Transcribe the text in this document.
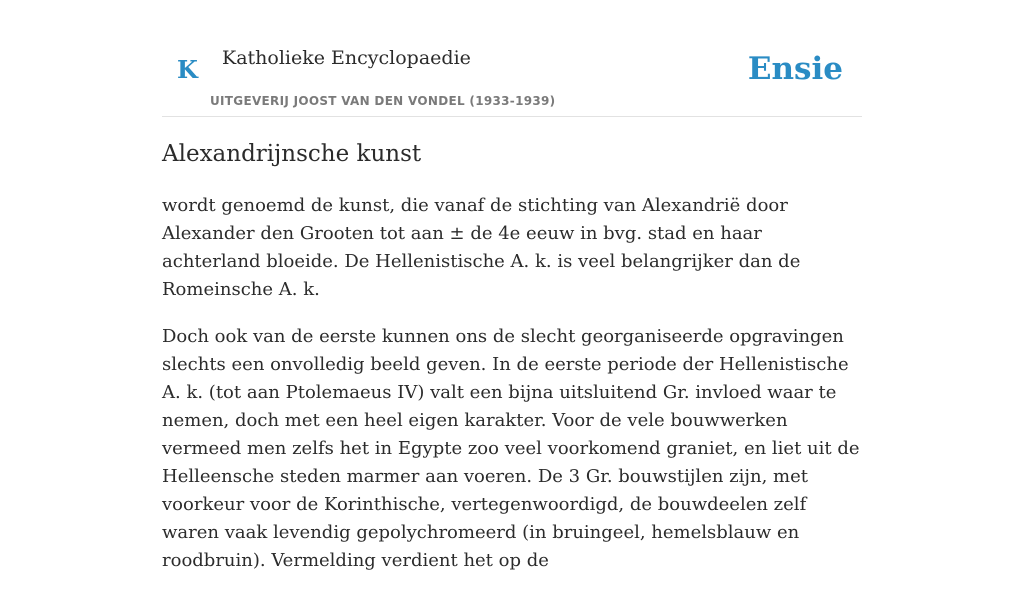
K Katholieke Encyclopaedie
UITGEVERIJ JOOST VAN DEN VONDEL (1933-1939)
Ensie
Alexandrijnsche kunst

wordt genoemd de kunst, die vanaf de stichting van Alexandrië door Alexander den Grooten tot aan ± de 4e eeuw in bvg. stad en haar achterland bloeide. De Hellenistische A. k. is veel belangrijker dan de Romeinsche A. k.

Doch ook van de eerste kunnen ons de slecht georganiseerde opgravingen slechts een onvolledig beeld geven. In de eerste periode der Hellenistische A. k. (tot aan Ptolemaeus IV) valt een bijna uitsluitend Gr. invloed waar te nemen, doch met een heel eigen karakter. Voor de vele bouwwerken vermeed men zelfs het in Egypte zoo veel voorkomend graniet, en liet uit de Helleensche steden marmer aan voeren. De 3 Gr. bouwstijlen zijn, met voorkeur voor de Korinthische, vertegenwoordigd, de bouwdeelen zelf waren vaak levendig gepolychromeerd (in bruingeel, hemelsblauw en roodbruin). Vermelding verdient het op de
